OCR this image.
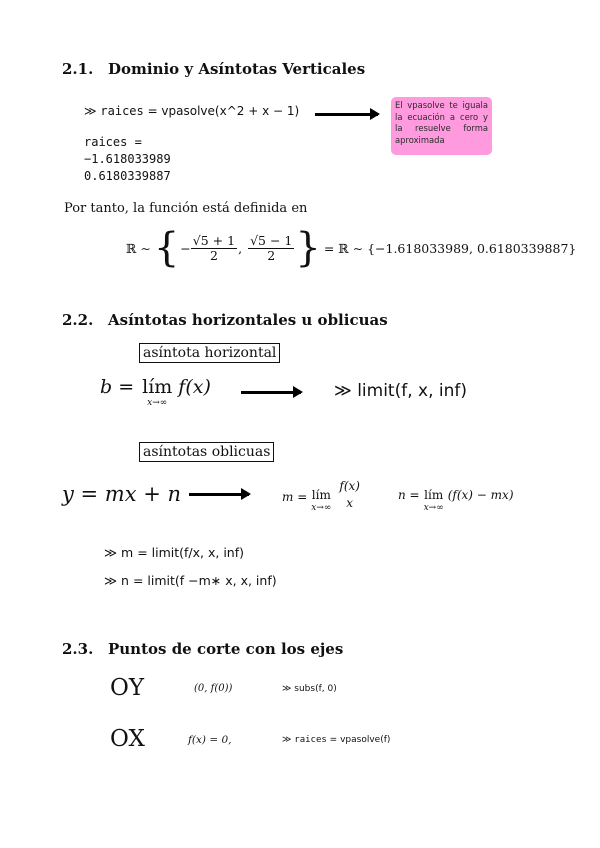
2.1. Dominio y Asíntotas Verticales
≫ raices = vpasolve(x^2 + x − 1)	El vpasolve te iguala la ecuación a cero y la resuelve forma aproximada
raices =
−1.618033989
0.6180339887
Por tanto, la función está definida en
ℝ ∼ { − $\frac{√5 + 1}{2}$ , $\frac{√5 - 1}{2}$ } = ℝ ∼ {−1.618033989, 0.6180339887}
2.2. Asíntotas horizontales u oblicuas
asíntota horizontal
b = lím
x→∞
f(x)	≫ limit(f, x, inf)
asíntotas oblicuas
y = mx + n	m = lím
x→∞
f(x)
x
n = lím
x→∞
(f(x) − mx)
≫ m = limit(f/x, x, inf)
≫ n = limit(f −m∗ x, x, inf)
2.3. Puntos de corte con los ejes
OY	(0, f(0))	≫ subs(f, 0)
OX	f(x) = 0,	≫ raices = vpasolve(f)
